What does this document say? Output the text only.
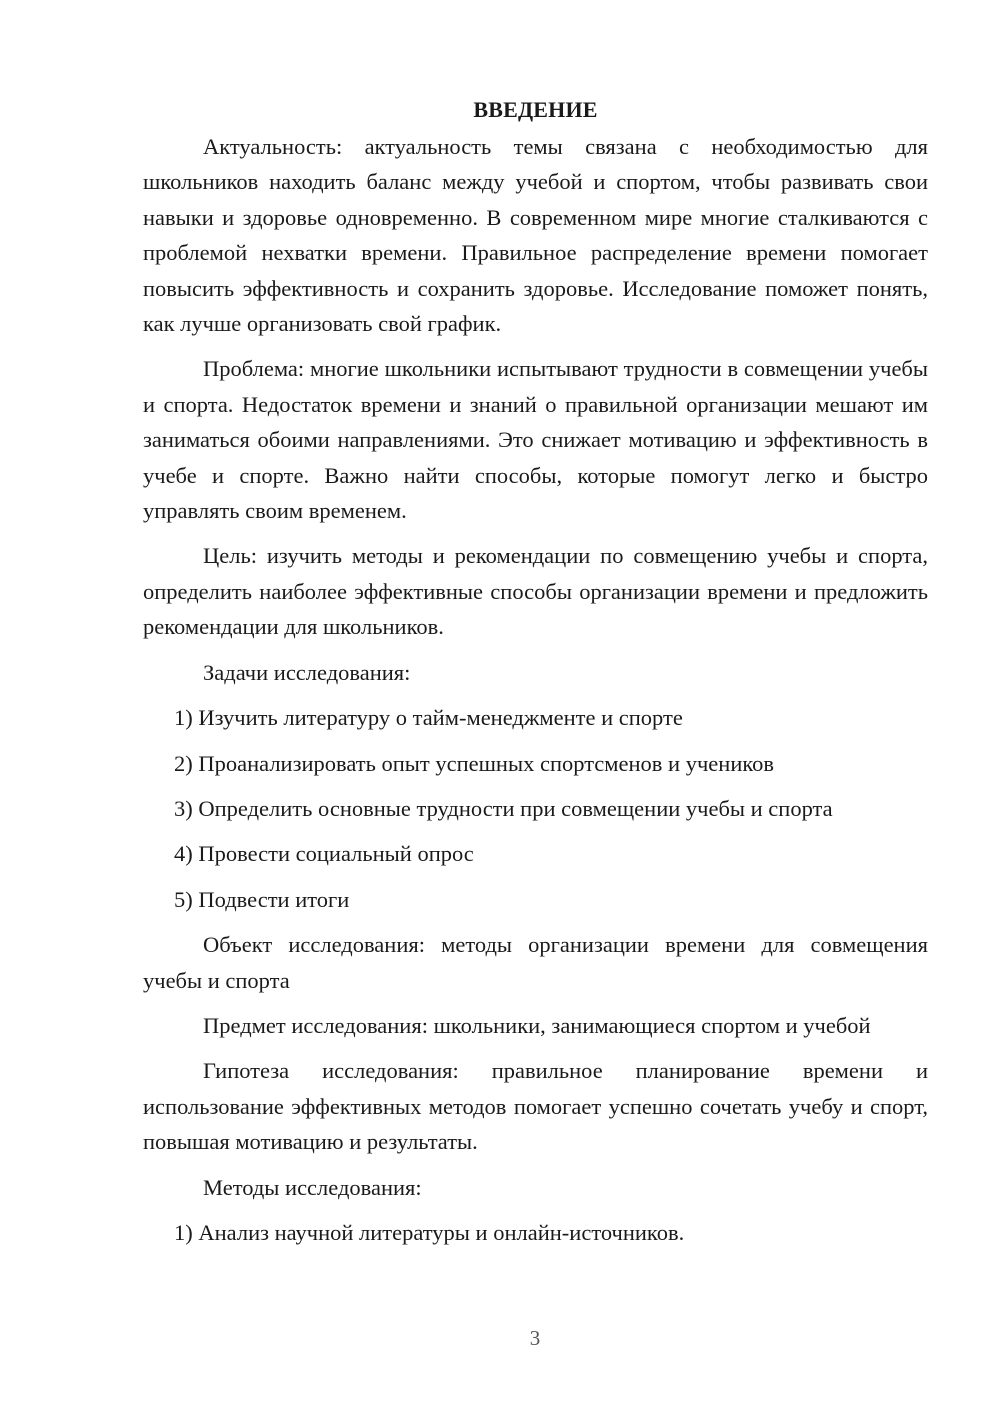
ВВЕДЕНИЕ

Актуальность: актуальность темы связана с необходимостью для школьников находить баланс между учебой и спортом, чтобы развивать свои навыки и здоровье одновременно. В современном мире многие сталкиваются с проблемой нехватки времени. Правильное распределение времени помогает повысить эффективность и сохранить здоровье. Исследование поможет понять, как лучше организовать свой график.

Проблема: многие школьники испытывают трудности в совмещении учебы и спорта. Недостаток времени и знаний о правильной организации мешают им заниматься обоими направлениями. Это снижает мотивацию и эффективность в учебе и спорте. Важно найти способы, которые помогут легко и быстро управлять своим временем.

Цель: изучить методы и рекомендации по совмещению учебы и спорта, определить наиболее эффективные способы организации времени и предложить рекомендации для школьников.

Задачи исследования:

1) Изучить литературу о тайм-менеджменте и спорте
2) Проанализировать опыт успешных спортсменов и учеников
3) Определить основные трудности при совмещении учебы и спорта
4) Провести социальный опрос
5) Подвести итоги

Объект исследования: методы организации времени для совмещения учебы и спорта

Предмет исследования: школьники, занимающиеся спортом и учебой

Гипотеза исследования: правильное планирование времени и использование эффективных методов помогает успешно сочетать учебу и спорт, повышая мотивацию и результаты.

Методы исследования:

1) Анализ научной литературы и онлайн-источников.
3
